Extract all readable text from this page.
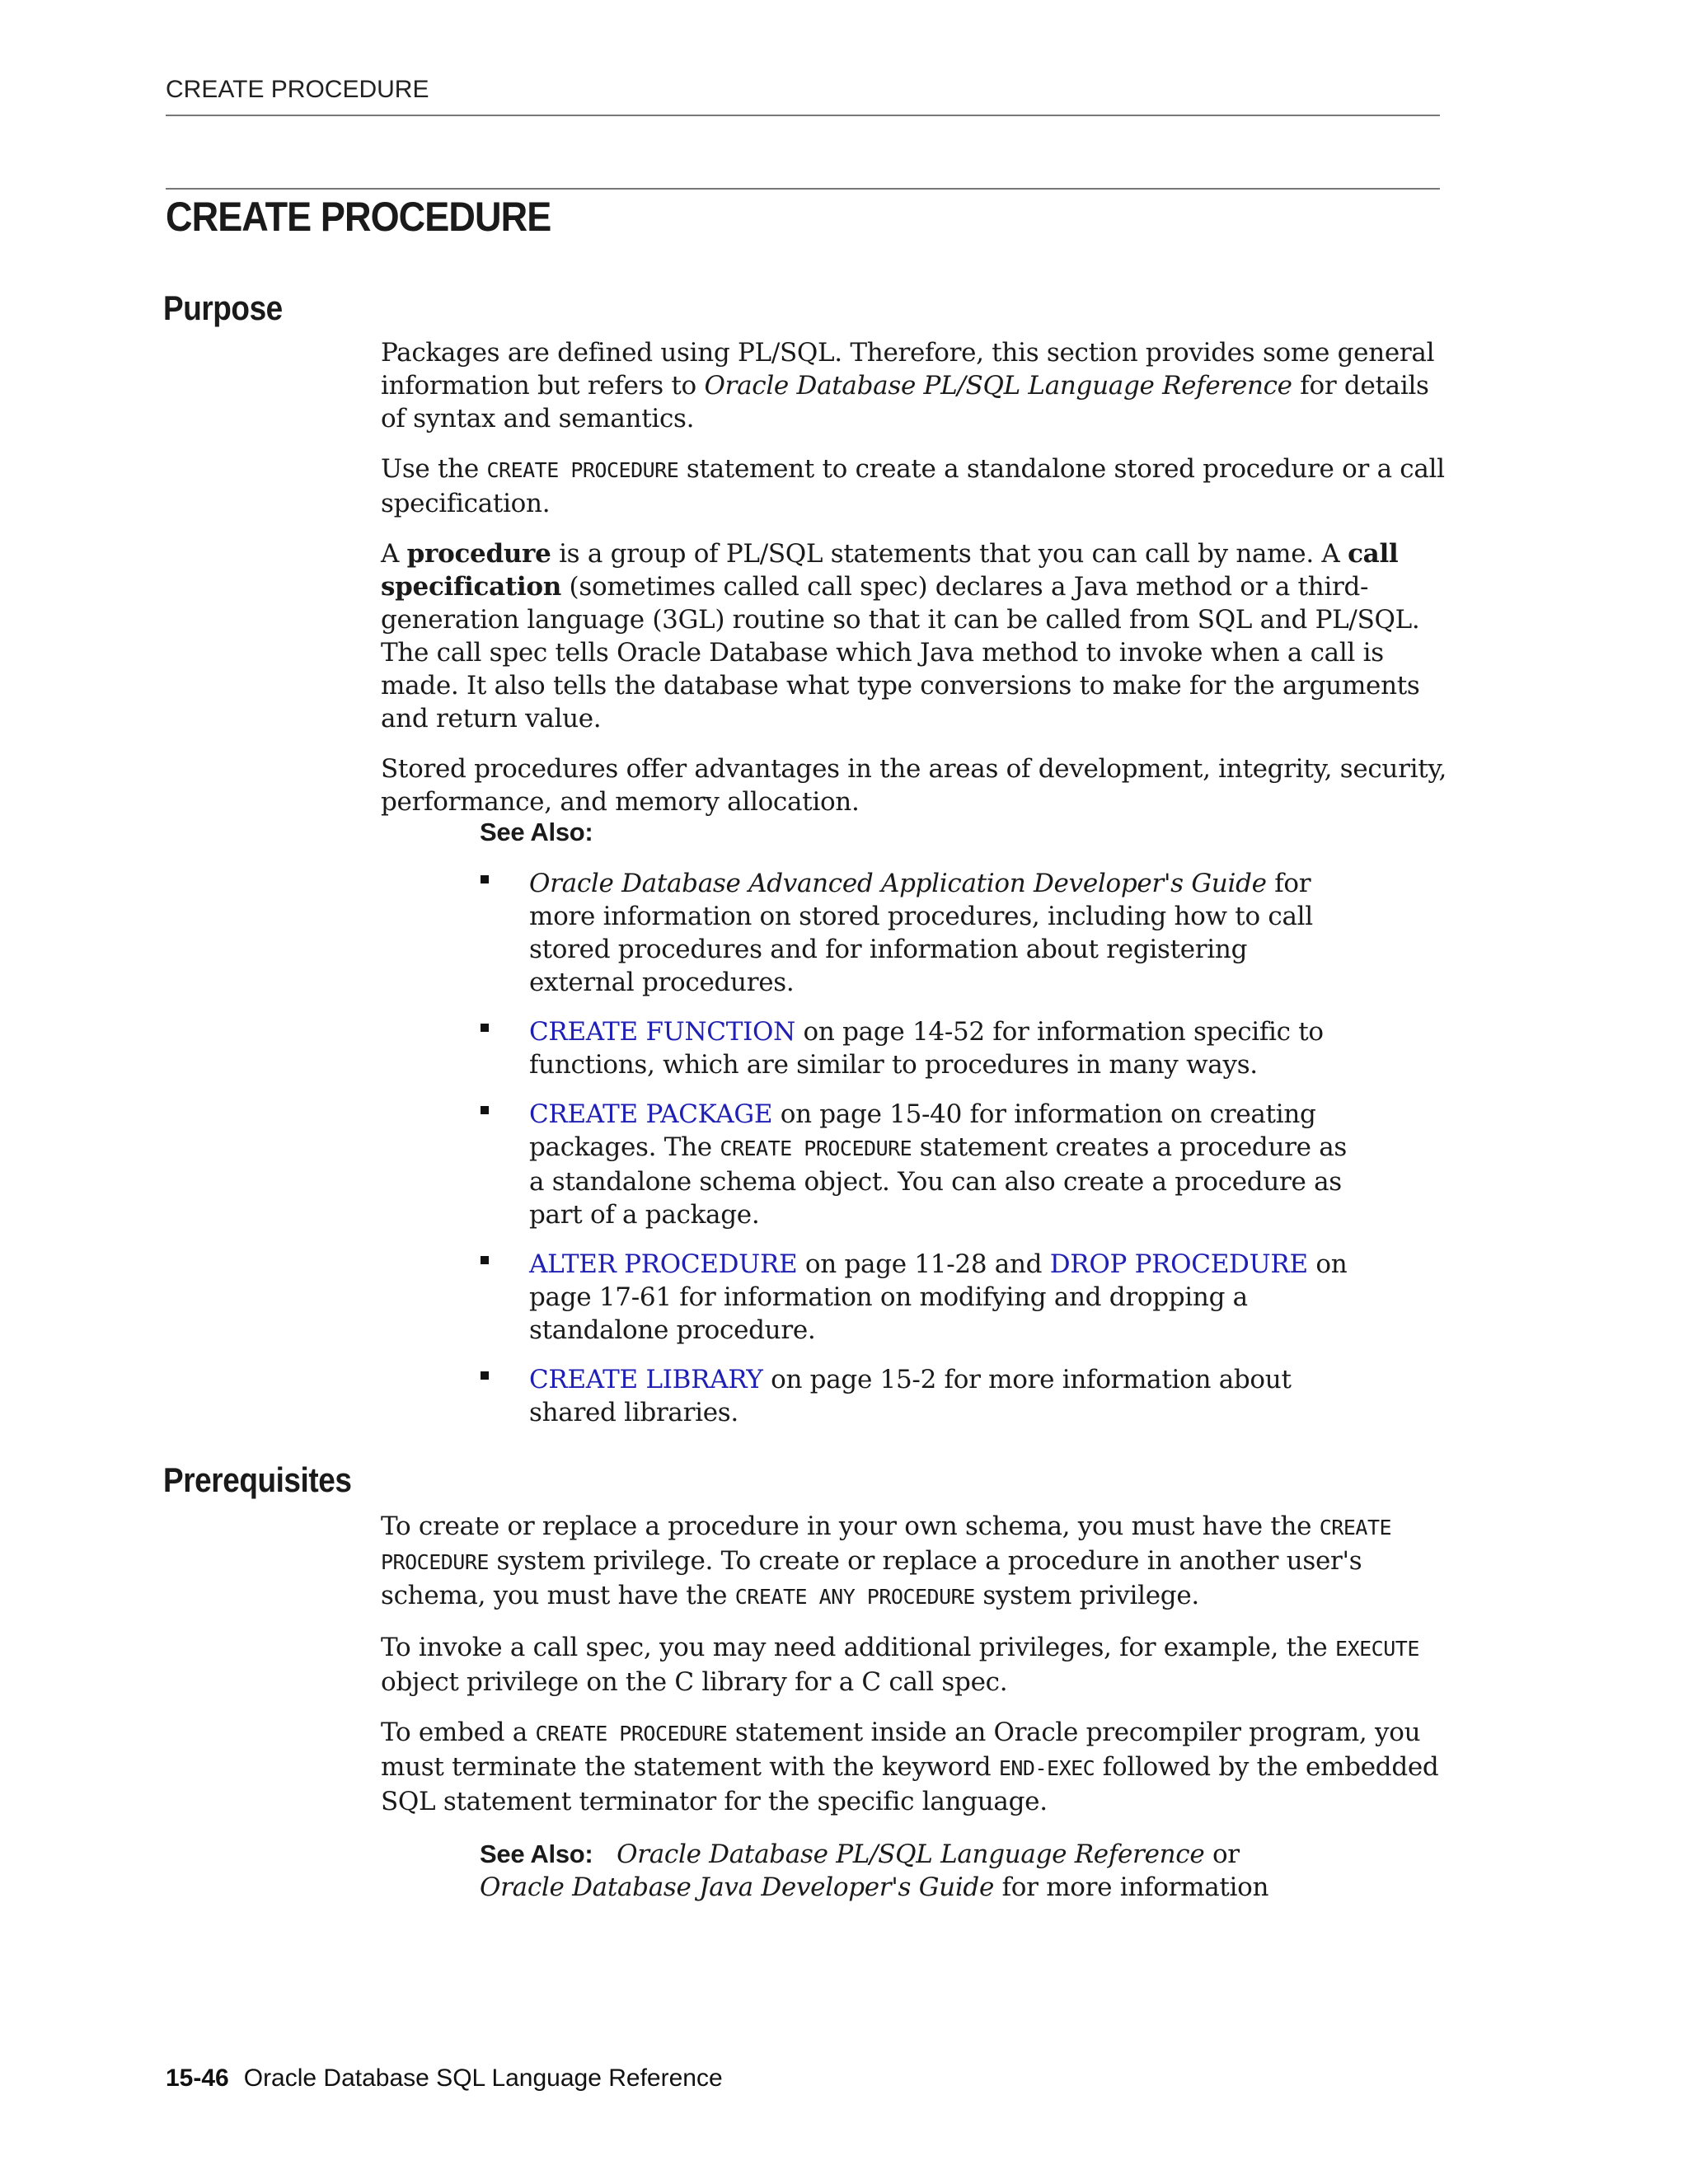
CREATE PROCEDURE
CREATE PROCEDURE
Purpose

Packages are defined using PL/SQL. Therefore, this section provides some general information but refers to Oracle Database PL/SQL Language Reference for details of syntax and semantics.

Use the CREATE PROCEDURE statement to create a standalone stored procedure or a call specification.

A procedure is a group of PL/SQL statements that you can call by name. A call specification (sometimes called call spec) declares a Java method or a third-generation language (3GL) routine so that it can be called from SQL and PL/SQL. The call spec tells Oracle Database which Java method to invoke when a call is made. It also tells the database what type conversions to make for the arguments and return value.

Stored procedures offer advantages in the areas of development, integrity, security, performance, and memory allocation.

See Also:
Oracle Database Advanced Application Developer's Guide for more information on stored procedures, including how to call stored procedures and for information about registering external procedures.
CREATE FUNCTION on page 14-52 for information specific to functions, which are similar to procedures in many ways.
CREATE PACKAGE on page 15-40 for information on creating packages. The CREATE PROCEDURE statement creates a procedure as a standalone schema object. You can also create a procedure as part of a package.
ALTER PROCEDURE on page 11-28 and DROP PROCEDURE on page 17-61 for information on modifying and dropping a standalone procedure.
CREATE LIBRARY on page 15-2 for more information about shared libraries.
Prerequisites

To create or replace a procedure in your own schema, you must have the CREATE PROCEDURE system privilege. To create or replace a procedure in another user's schema, you must have the CREATE ANY PROCEDURE system privilege.

To invoke a call spec, you may need additional privileges, for example, the EXECUTE object privilege on the C library for a C call spec.

To embed a CREATE PROCEDURE statement inside an Oracle precompiler program, you must terminate the statement with the keyword END-EXEC followed by the embedded SQL statement terminator for the specific language.

See Also: Oracle Database PL/SQL Language Reference or Oracle Database Java Developer's Guide for more information
15-46 Oracle Database SQL Language Reference
